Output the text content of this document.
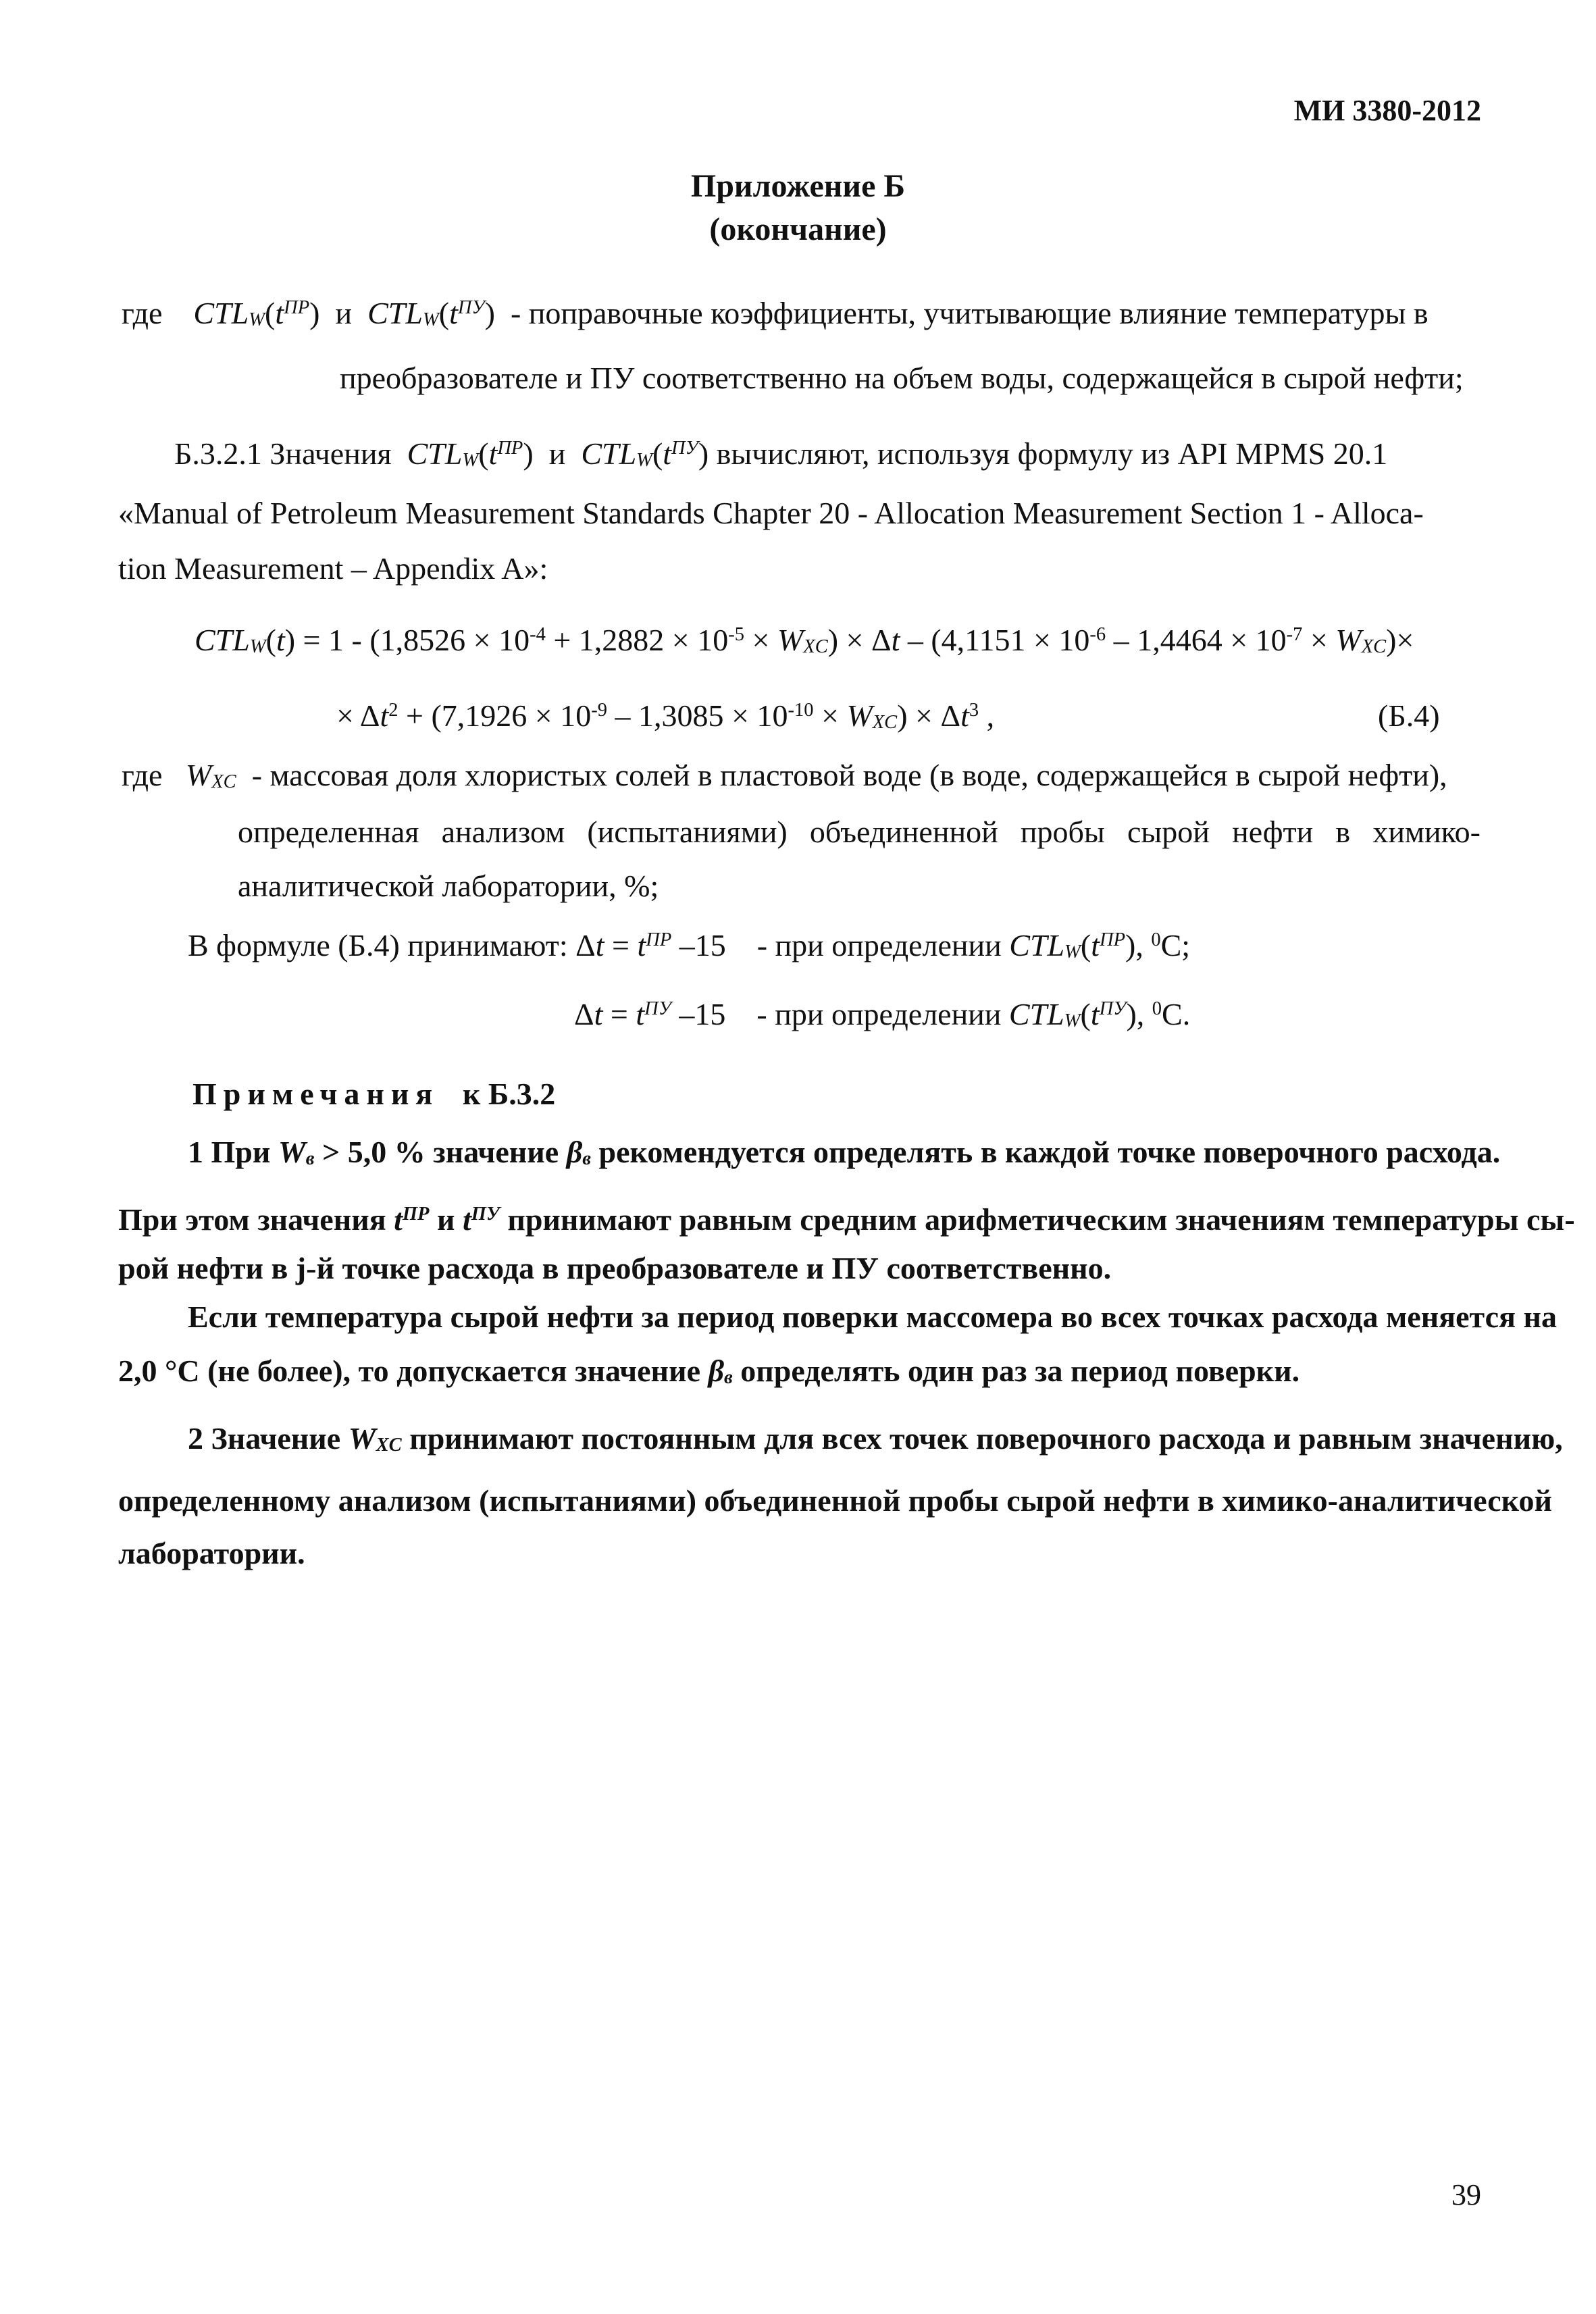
МИ 3380-2012
Приложение Б
(окончание)
где $CTL_W(t^{ПР})$  и $CTL_W(t^{ПУ})$  - поправочные коэффициенты, учитывающие влияние температуры в
преобразователе и ПУ соответственно на объем воды, содержащейся в сырой нефти;
Б.3.2.1 Значения $CTL_W(t^{ПР})$  и $CTL_W(t^{ПУ})$ вычисляют, используя формулу из API MPMS 20.1
«Manual of Petroleum Measurement Standards Chapter 20 - Allocation Measurement Section 1 - Alloca-
tion Measurement – Appendix A»:
$CTL_W(t) = 1 - (1,8526 \times 10^{-4} + 1,2882 \times 10^{-5} \times W_{XC}) \times \Delta t - (4,1151 \times 10^{-6} - 1,4464 \times 10^{-7} \times W_{XC})\times$
× $\Delta t^2 + (7,1926 \times 10^{-9} - 1,3085 \times 10^{-10} \times W_{XC}) \times \Delta t^3$ ,	(Б.4)
где $W_{XC}$ - массовая доля хлористых солей в пластовой воде (в воде, содержащейся в сырой нефти),
определенная анализом (испытаниями) объединенной пробы сырой нефти в химико-
аналитической лаборатории, %;
В формуле (Б.4) принимают: $\Delta t = t^{ПР}$ –15    - при определении $CTL_W(t^{ПР})$, $^0$С;
$\Delta t = t^{ПУ}$ –15    - при определении $CTL_W(t^{ПУ})$, $^0$С.
Примечания к Б.3.2
1 При $W_в > 5,0$ % значение $\beta_в$ рекомендуется определять в каждой точке поверочного расхода.
При этом значения $t^{ПР}$ и $t^{ПУ}$ принимают равным средним арифметическим значениям температуры сы-
рой нефти в j-й точке расхода в преобразователе и ПУ соответственно.
Если температура сырой нефти за период поверки массомера во всех точках расхода меняется на
2,0 °С (не более), то допускается значение $\beta_в$ определять один раз за период поверки.
2 Значение $W_{XC}$ принимают постоянным для всех точек поверочного расхода и равным значению,
определенному анализом (испытаниями) объединенной пробы сырой нефти в химико-аналитической
лаборатории.
39
